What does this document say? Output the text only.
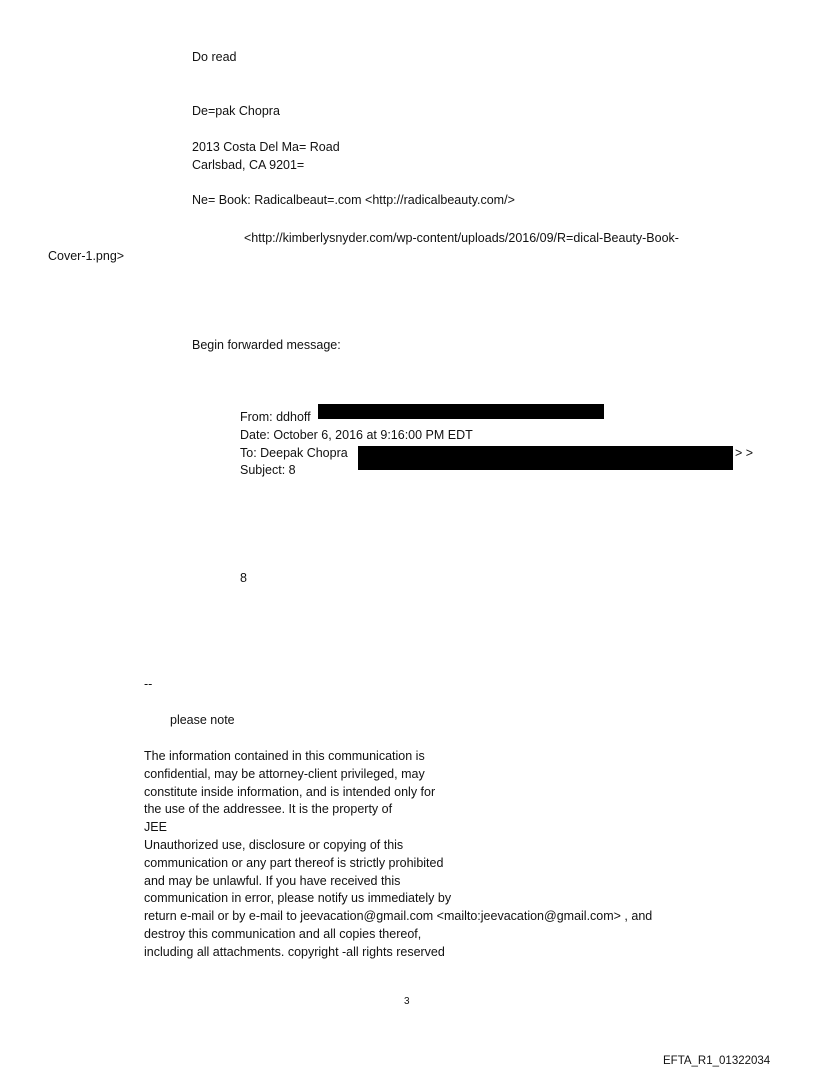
Do read
De=pak Chopra
2013 Costa Del Ma= Road
Carlsbad, CA 9201=
Ne= Book: Radicalbeaut=.com <http://radicalbeauty.com/>
<http://kimberlysnyder.com/wp-content/uploads/2016/09/R=dical-Beauty-Book-
Cover-1.png>
Begin forwarded message:
From: ddhoff
Date: October 6, 2016 at 9:16:00 PM EDT
To: Deepak Chopra	> >
Subject: 8
8
--
please note
The information contained in this communication is
confidential, may be attorney-client privileged, may
constitute inside information, and is intended only for
the use of the addressee. It is the property of
JEE
Unauthorized use, disclosure or copying of this
communication or any part thereof is strictly prohibited
and may be unlawful. If you have received this
communication in error, please notify us immediately by
return e-mail or by e-mail to jeevacation@gmail.com <mailto:jeevacation@gmail.com> , and
destroy this communication and all copies thereof,
including all attachments. copyright -all rights reserved
3
EFTA_R1_01322034
